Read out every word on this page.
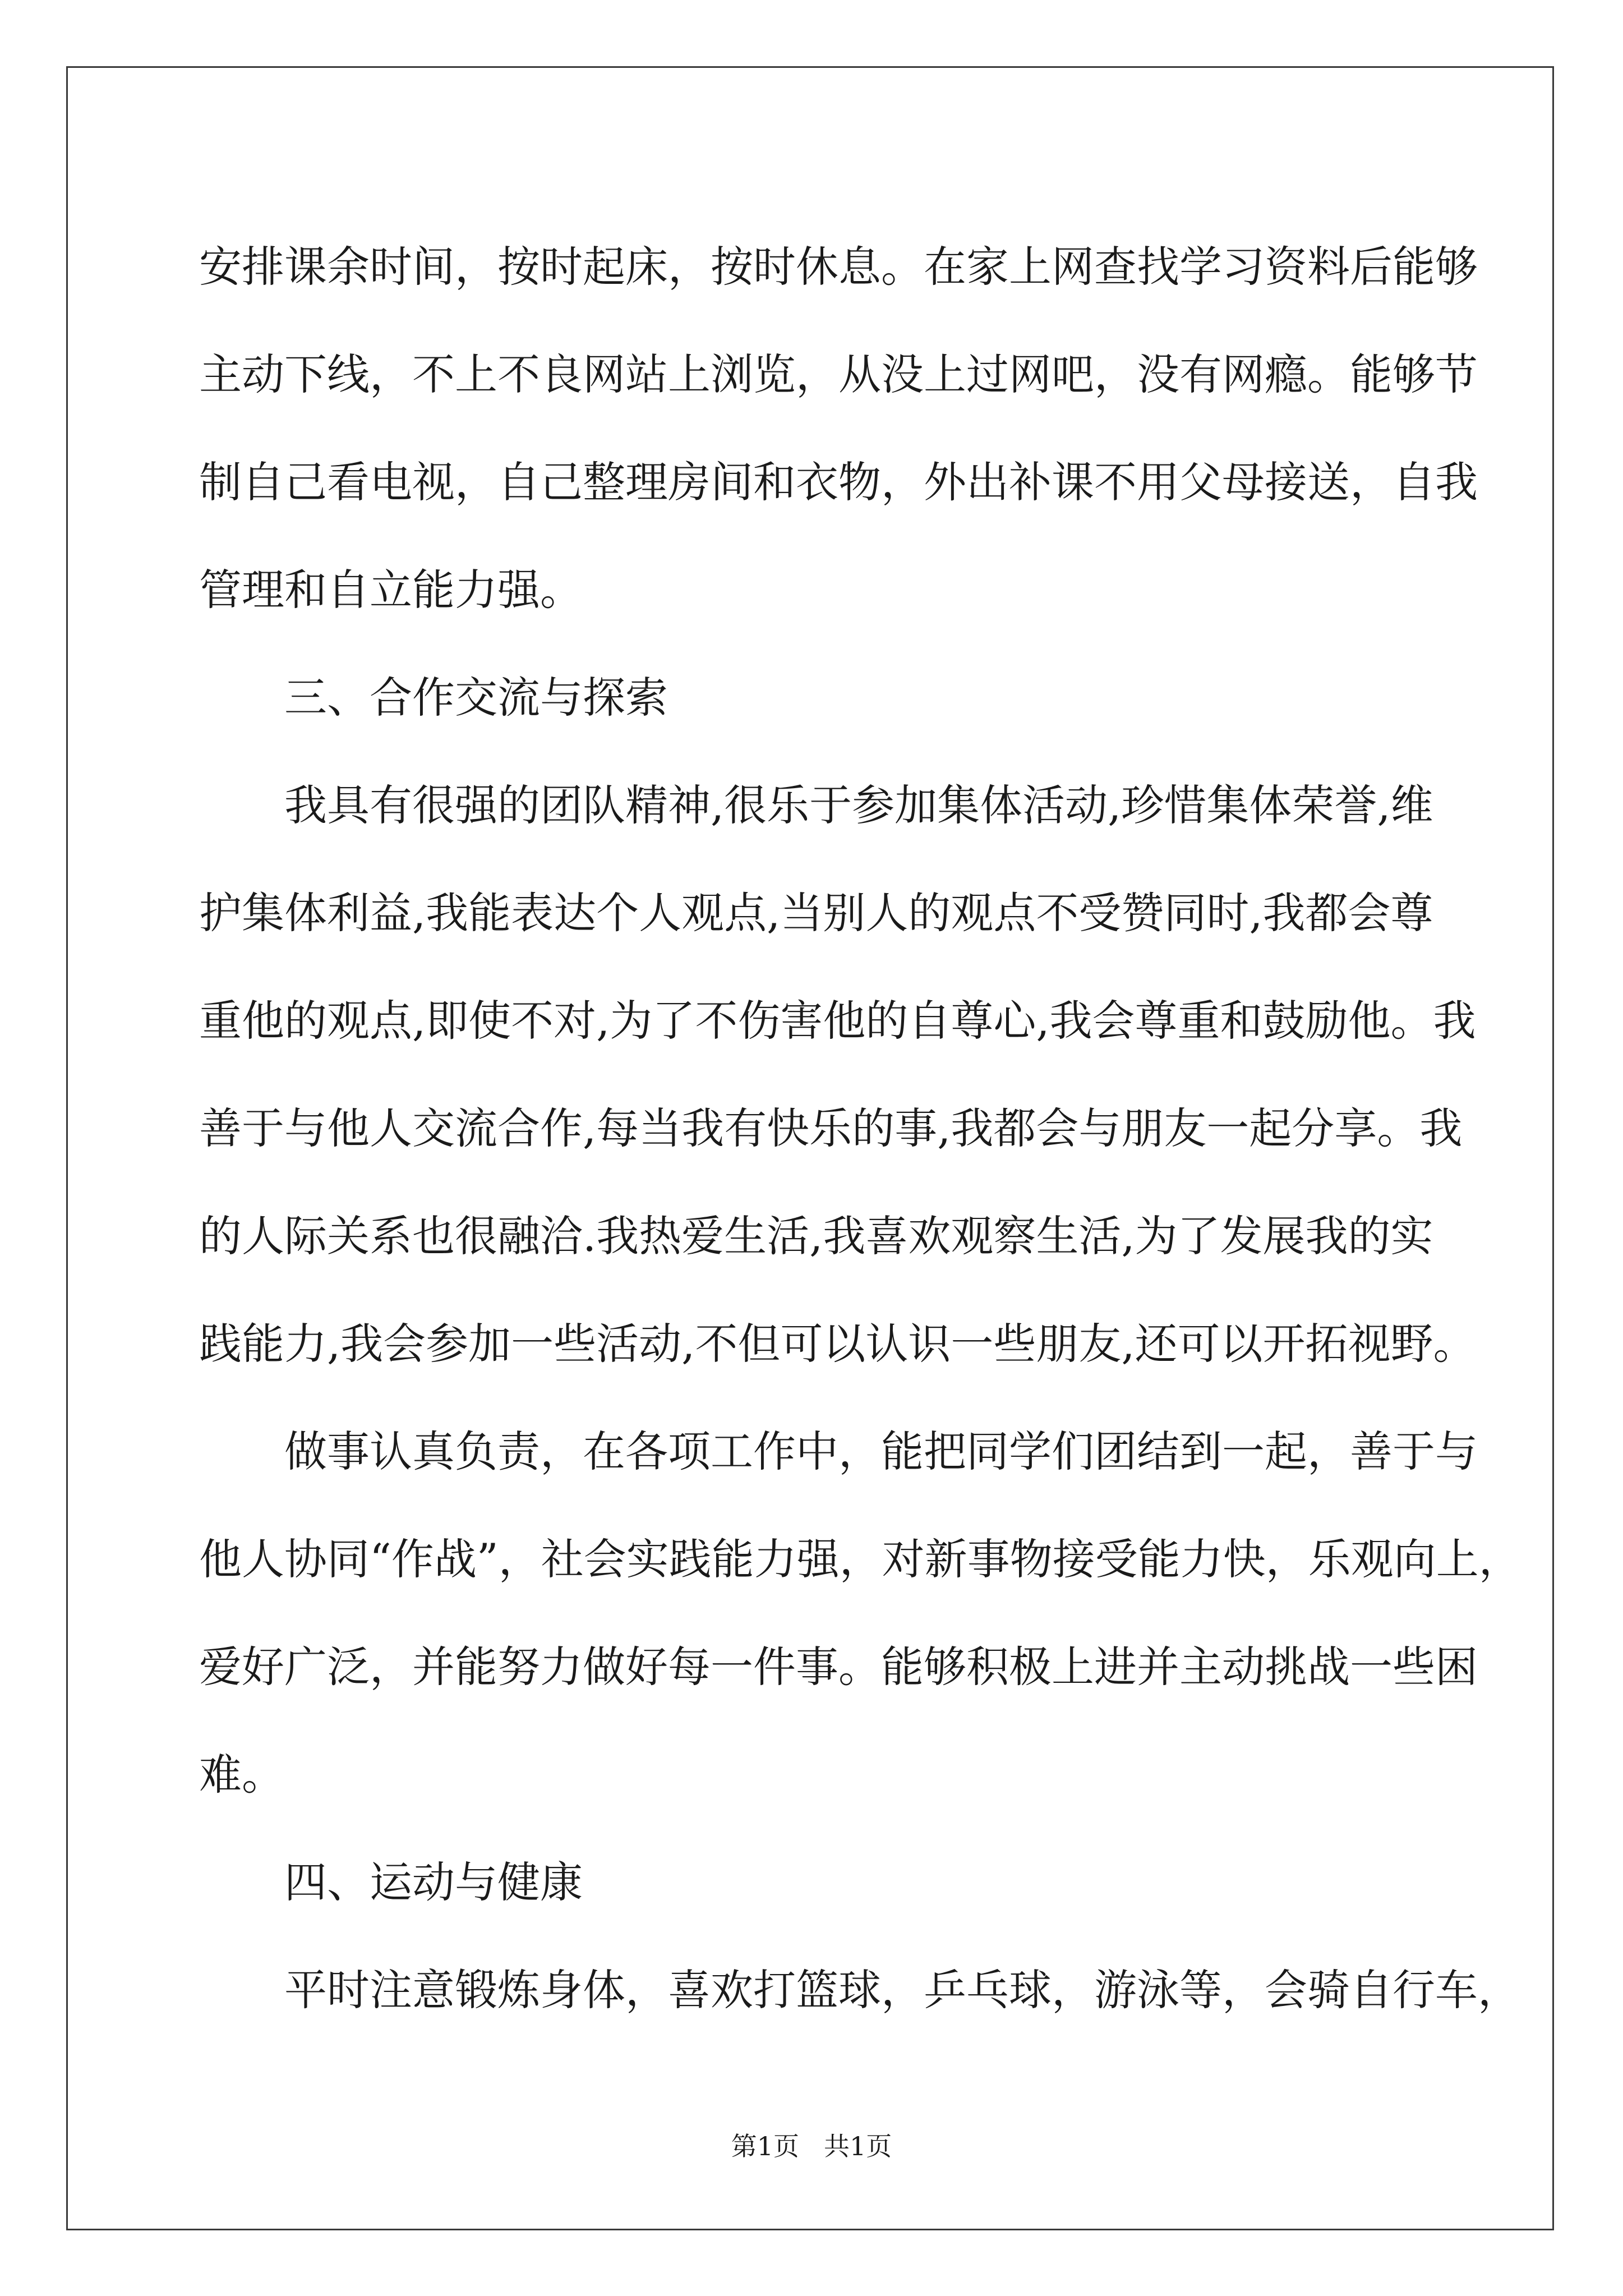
安排课余时间，按时起床，按时休息。在家上网查找学习资料后能够
主动下线，不上不良网站上浏览，从没上过网吧，没有网瘾。能够节
制自己看电视，自己整理房间和衣物，外出补课不用父母接送，自我
管理和自立能力强。
三、合作交流与探索
我具有很强的团队精神,很乐于参加集体活动,珍惜集体荣誉,维
护集体利益,我能表达个人观点,当别人的观点不受赞同时,我都会尊
重他的观点,即使不对,为了不伤害他的自尊心,我会尊重和鼓励他。我
善于与他人交流合作,每当我有快乐的事,我都会与朋友一起分享。我
的人际关系也很融洽.我热爱生活,我喜欢观察生活,为了发展我的实
践能力,我会参加一些活动,不但可以认识一些朋友,还可以开拓视野。
做事认真负责，在各项工作中，能把同学们团结到一起，善于与
他人协同“作战”，社会实践能力强，对新事物接受能力快，乐观向上，
爱好广泛，并能努力做好每一件事。能够积极上进并主动挑战一些困
难。
四、运动与健康
平时注意锻炼身体，喜欢打篮球，乒乓球，游泳等，会骑自行车，
第1页 共1页
